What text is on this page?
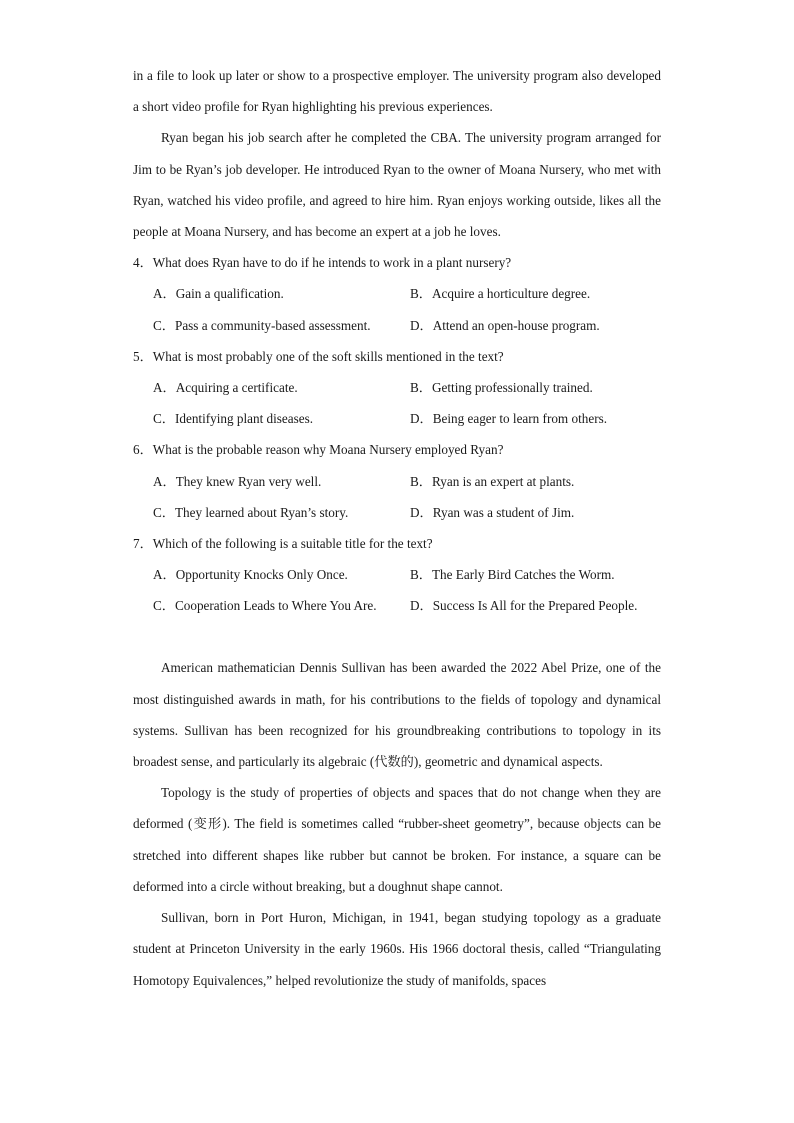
in a file to look up later or show to a prospective employer. The university program also developed a short video profile for Ryan highlighting his previous experiences.

Ryan began his job search after he completed the CBA. The university program arranged for Jim to be Ryan’s job developer. He introduced Ryan to the owner of Moana Nursery, who met with Ryan, watched his video profile, and agreed to hire him. Ryan enjoys working outside, likes all the people at Moana Nursery, and has become an expert at a job he loves.

4．What does Ryan have to do if he intends to work in a plant nursery?
A．Gain a qualification.	B．Acquire a horticulture degree.
C．Pass a community-based assessment.	D．Attend an open-house program.
5．What is most probably one of the soft skills mentioned in the text?
A．Acquiring a certificate.	B．Getting professionally trained.
C．Identifying plant diseases.	D．Being eager to learn from others.
6．What is the probable reason why Moana Nursery employed Ryan?
A．They knew Ryan very well.	B．Ryan is an expert at plants.
C．They learned about Ryan’s story.	D．Ryan was a student of Jim.
7．Which of the following is a suitable title for the text?
A．Opportunity Knocks Only Once.	B．The Early Bird Catches the Worm.
C．Cooperation Leads to Where You Are.	D．Success Is All for the Prepared People.

American mathematician Dennis Sullivan has been awarded the 2022 Abel Prize, one of the most distinguished awards in math, for his contributions to the fields of topology and dynamical systems. Sullivan has been recognized for his groundbreaking contributions to topology in its broadest sense, and particularly its algebraic (代数的), geometric and dynamical aspects.

Topology is the study of properties of objects and spaces that do not change when they are deformed (变形). The field is sometimes called “rubber-sheet geometry”, because objects can be stretched into different shapes like rubber but cannot be broken. For instance, a square can be deformed into a circle without breaking, but a doughnut shape cannot.

Sullivan, born in Port Huron, Michigan, in 1941, began studying topology as a graduate student at Princeton University in the early 1960s. His 1966 doctoral thesis, called “Triangulating Homotopy Equivalences,” helped revolutionize the study of manifolds, spaces
